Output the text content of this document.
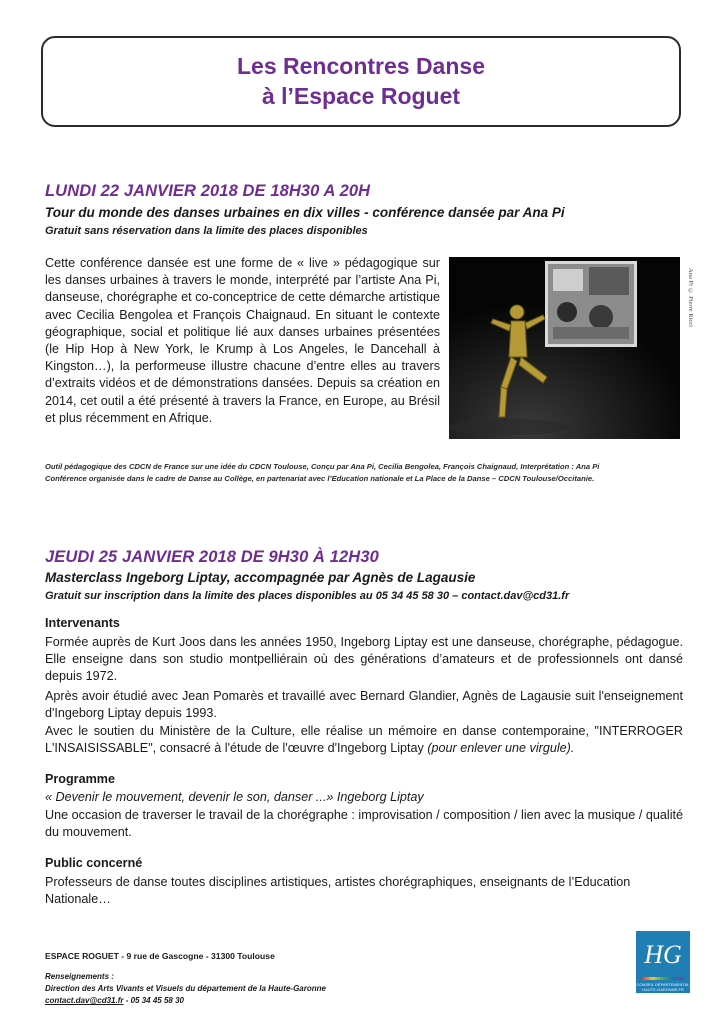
Les Rencontres Danse
à l’Espace Roguet
LUNDI 22 JANVIER 2018 DE 18H30 A 20H
Tour du monde des danses urbaines en dix villes - conférence dansée par Ana Pi
Gratuit sans réservation dans la limite des places disponibles
Cette conférence dansée est une forme de « live » pédagogique sur les danses urbaines à travers le monde, interprété par l’artiste Ana Pi, danseuse, chorégraphe et co-conceptrice de cette démarche artistique avec Cecilia Bengolea et François Chaignaud. En situant le contexte géographique, social et politique lié aux danses urbaines présentées (le Hip Hop à New York, le Krump à Los Angeles, le Dancehall à Kingston…), la performeuse illustre chacune d’entre elles au travers d’extraits vidéos et de démonstrations dansées. Depuis sa création en 2014, cet outil a été présenté à travers la France, en Europe, au Brésil et plus récemment en Afrique.
Ana Pi © Pierre Ricci
Outil pédagogique des CDCN de France sur une idée du CDCN Toulouse, Conçu par Ana Pi, Cecilia Bengolea, François Chaignaud, Interprétation : Ana Pi
Conférence organisée dans le cadre de Danse au Collège, en partenariat avec l’Education nationale et La Place de la Danse – CDCN Toulouse/Occitanie.
JEUDI 25 JANVIER 2018 DE 9H30 À 12H30
Masterclass Ingeborg Liptay, accompagnée par Agnès de Lagausie
Gratuit sur inscription dans la limite des places disponibles au 05 34 45 58 30 – contact.dav@cd31.fr
Intervenants
Formée auprès de Kurt Joos dans les années 1950, Ingeborg Liptay est une danseuse, chorégraphe, pédagogue. Elle enseigne dans son studio montpelliérain où des générations d’amateurs et de professionnels ont dansé depuis 1972.
Après avoir étudié avec Jean Pomarès et travaillé avec Bernard Glandier, Agnès de Lagausie suit l'enseignement d'Ingeborg Liptay depuis 1993.
Avec le soutien du Ministère de la Culture, elle réalise un mémoire en danse contemporaine, "INTERROGER L'INSAISISSABLE", consacré à l'étude de l'œuvre d'Ingeborg Liptay (pour enlever une virgule).
Programme
« Devenir le mouvement, devenir le son, danser ...» Ingeborg Liptay
Une occasion de traverser le travail de la chorégraphe : improvisation / composition / lien avec la musique / qualité du mouvement.
Public concerné
Professeurs de danse toutes disciplines artistiques, artistes chorégraphiques, enseignants de l’Education Nationale…
ESPACE ROGUET - 9 rue de Gascogne - 31300 Toulouse
Renseignements :
Direction des Arts Vivants et Visuels du département de la Haute-Garonne
contact.dav@cd31.fr - 05 34 45 58 30
HG
CONSEIL DÉPARTEMENTAL HAUTE-GARONNE.FR
